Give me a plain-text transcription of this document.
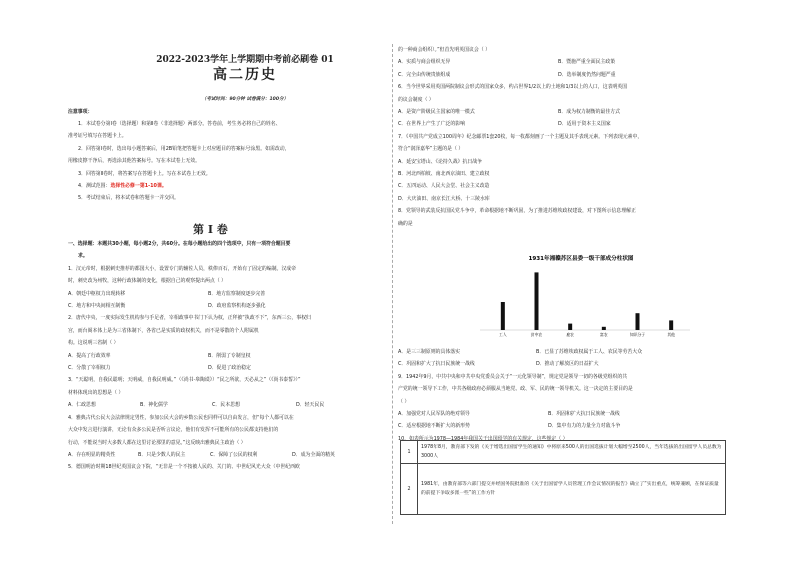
2022-2023学年上学期期中考前必刷卷 01
高二历史
（考试时间：90分钟 试卷满分：100分）
注意事项：
1．本试卷分第Ⅰ卷（选择题）和第Ⅱ卷（非选择题）两部分。答卷前，考生务必将自己的姓名、
准考证号填写在答题卡上。
2．回答第Ⅰ卷时，选出每小题答案后，用2B铅笔把答题卡上对应题目的答案标号涂黑。如需改动，
用橡皮擦干净后，再选涂其他答案标号。写在本试卷上无效。
3．回答第Ⅱ卷时，将答案写在答题卡上。写在本试卷上无效。
4．测试范围：选择性必修一第1-10课。
5．考试结束后，将本试卷和答题卡一并交回。
第 Ⅰ 卷
一、选择题：本题共30小题，每小题2分，共60分。在每小题给出的四个选项中，只有一项符合题目要
求。
1．汉元帝时，根据刺史推荐的都国大小，设置专门的辅佐人员，秩俸百石，开始有了固定的编制。汉成帝
时，刺史改为州牧，这种行政体制的变化，根据自己的观察提出两点（ ）
A．朝廷中枢权力出现转移	B．地方监察制度逐步完善
C．地方和中央间相互制衡	D．政府监察机构逐步强化
2．唐代中央，一度实际发生机构参与手足者，宰相政事中书门下认为权，正拜被“执政不下”，东西三公，事权归
宫，而台阁本体上是为三省体制下，各省已是实质的政权机关，而不是零散的个人附属机
构。这说明三省制（ ）
A．提高了行政效率	B．削弱了专制皇权
C．分散了宰相权力	D．促进了政治稳定
3．“天聪明，自我民聪明；天明威，自我民明威。”（《尚书·皋陶谟》）“民之所欲，天必从之”（《尚书泰誓》）”
材料体现出的思想是（ ）
A．仁政思想	B．神化儒学	C．民本思想	D．轻天民民
4．雅典古代公民大会法律规定男性，参加公民大会的乡数公民也同样可以自由发言，但“每个人都可以在
大众中发言进行演讲，无论有众多公民是否听言议论，他们有发挥不可能所有的公民都支持他们的
行动，不能说当时大多数人都在这里讨论那里的意见。”这反映出雅典民主政治（ ）
A．存在明显的精英性	B．只是少数人的民主	C．保障了公民的权利	D．成为全面的精英
5．德国明治时期18世纪英国议会下院，“无非是一个不按被人民的、关门的、中世纪风光大众（中世纪西欧
的一种商会组织）。”但首先明英国议会（ ）
A．实质与商会组织无异	B．暨施严重全面民主政策
C．完全由传统贵族组成	D．选举制度仍然问题严重
6．当今世界采用英国两院制议会形式的国家众多，约占世界1/2以上的土地和1/3以上的人口，这表明英国
的议会制度（ ）
A．是资产阶级民主国家的唯一模式	B．成为权力制衡的最佳方式
C．在世界上产生了广泛的影响	D．适用于资本主义国家
7．《中国共产党成立100周年》纪念邮票1套20枚，每一枚都刻画了一个主题及其手表现元素。下列表现元素中，
符合“润泽嘉华”主题的是（ ）
A．延安宝塔山、《论持久战》抗日战争
B．河北西柏坡、南北西京油田、建立政权
C．五四运动、人民大会堂、社会主义改造
D．大庆油田、南京长江大桥、十三陵水库
8．党领导的武装反抗国民党斗争中，革命根据地不断巩固，为了推进苏维埃政权建设，对下图所示信息理解正
确的是
1931年湘赣苏区县委一级干部成分柱状图
工人	贫中农	雇农	富农	知识分子	其他
A．是三三制原则的具体落实	B．已显了苏维埃政权属于工人、农民等劳苦大众
C．巩固和扩大了抗日民族统一战线	D．推动了解放区的日益扩大
9．1942年9月，中共中央和中共中央党委员会关于“一元化领导制”，规定党是领导一切的各级党组织的共
产党的统一领导下工作，中共各级政府必须服从当地党、政、军、民的统一领导机关。这一决定的主要目的是
（ ）
A．加强党对人民军队的绝对领导	B．巩固和扩大抗日民族统一战线
C．适应根据地不断扩大的新形势	D．集中有力的力量全力对敌斗争
10．如表所示为1978—1984年我国关于出国留学的有关规定，这些规定（ ）
1	1978年8月，教育部下发的《关于增选出国留学生的通知》中将原来500人的出国选拔计划大幅增至2500人，当年选拔的出国留学人员总数为3000人
2	1981年，由教育部等六部门提交并经国务院批准的《关于出国留学人员管理工作会议情况的报告》确立了“实出重点，统筹兼顾，在保证质量的前提下争取多派一些”的工作方针
